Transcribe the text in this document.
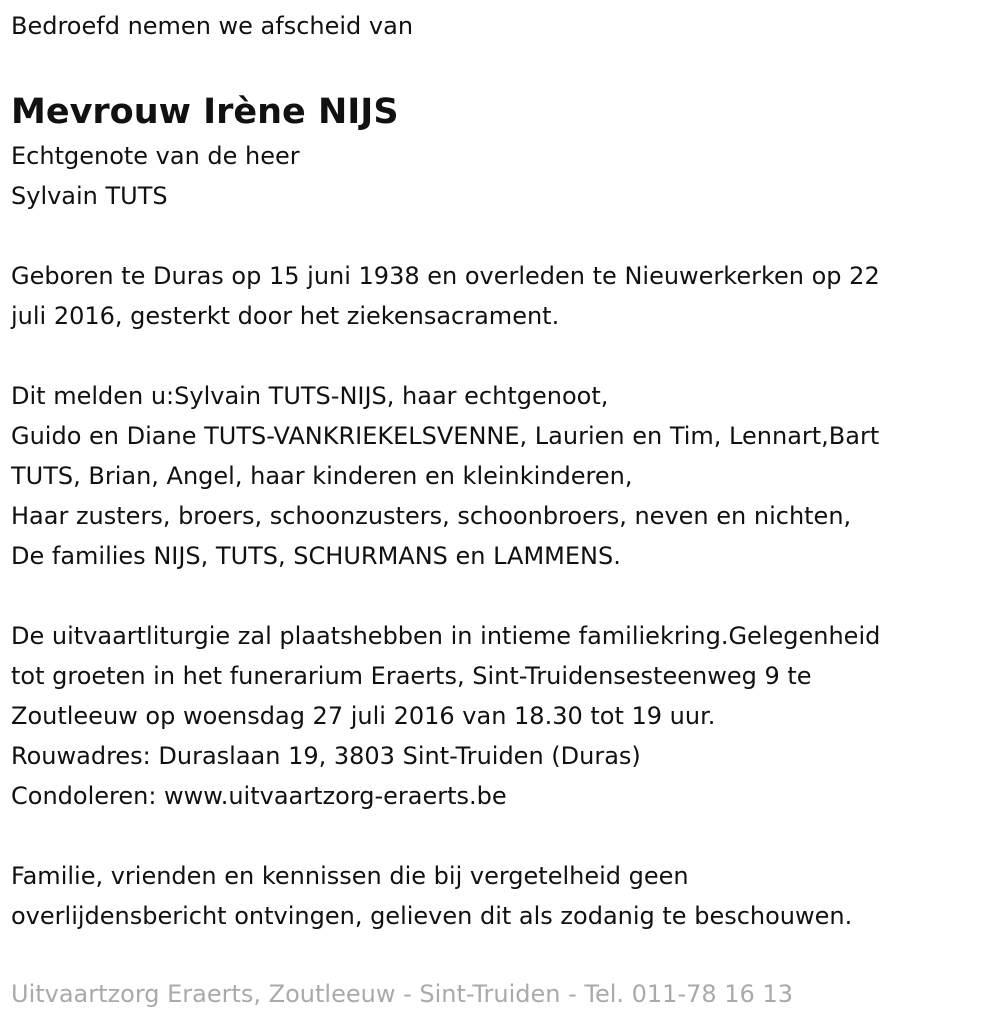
Bedroefd nemen we afscheid van
Mevrouw Irène NIJS
Echtgenote van de heer
Sylvain TUTS
Geboren te Duras op 15 juni 1938 en overleden te Nieuwerkerken op 22
juli 2016, gesterkt door het ziekensacrament.
Dit melden u:Sylvain TUTS-NIJS, haar echtgenoot,
Guido en Diane TUTS-VANKRIEKELSVENNE, Laurien en Tim, Lennart,Bart
TUTS, Brian, Angel, haar kinderen en kleinkinderen,
Haar zusters, broers, schoonzusters, schoonbroers, neven en nichten,
De families NIJS, TUTS, SCHURMANS en LAMMENS.
De uitvaartliturgie zal plaatshebben in intieme familiekring.Gelegenheid
tot groeten in het funerarium Eraerts, Sint-Truidensesteenweg 9 te
Zoutleeuw op woensdag 27 juli 2016 van 18.30 tot 19 uur.
Rouwadres: Duraslaan 19, 3803 Sint-Truiden (Duras)
Condoleren: www.uitvaartzorg-eraerts.be
Familie, vrienden en kennissen die bij vergetelheid geen
overlijdensbericht ontvingen, gelieven dit als zodanig te beschouwen.
Uitvaartzorg Eraerts, Zoutleeuw - Sint-Truiden - Tel. 011-78 16 13
